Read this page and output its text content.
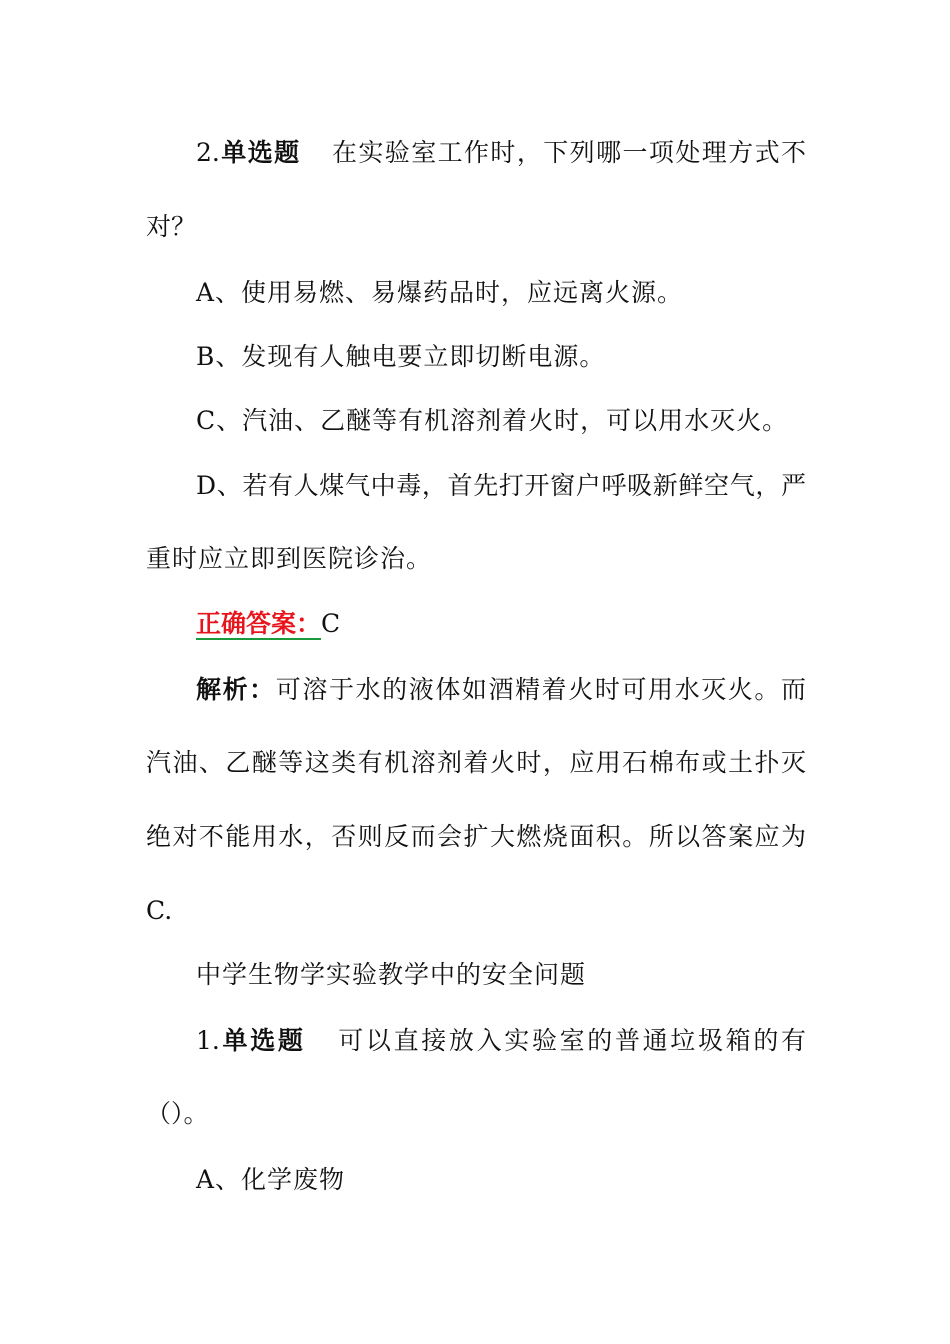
2.单选题 在实验室工作时，下列哪一项处理方式不
对？
A、使用易燃、易爆药品时，应远离火源。
B、发现有人触电要立即切断电源。
C、汽油、乙醚等有机溶剂着火时，可以用水灭火。
D、若有人煤气中毒，首先打开窗户呼吸新鲜空气，严
重时应立即到医院诊治。
正确答案：C
解析：可溶于水的液体如酒精着火时可用水灭火。而
汽油、乙醚等这类有机溶剂着火时，应用石棉布或土扑灭
绝对不能用水，否则反而会扩大燃烧面积。所以答案应为
C.
中学生物学实验教学中的安全问题
1.单选题 可以直接放入实验室的普通垃圾箱的有
（）。
A、化学废物
